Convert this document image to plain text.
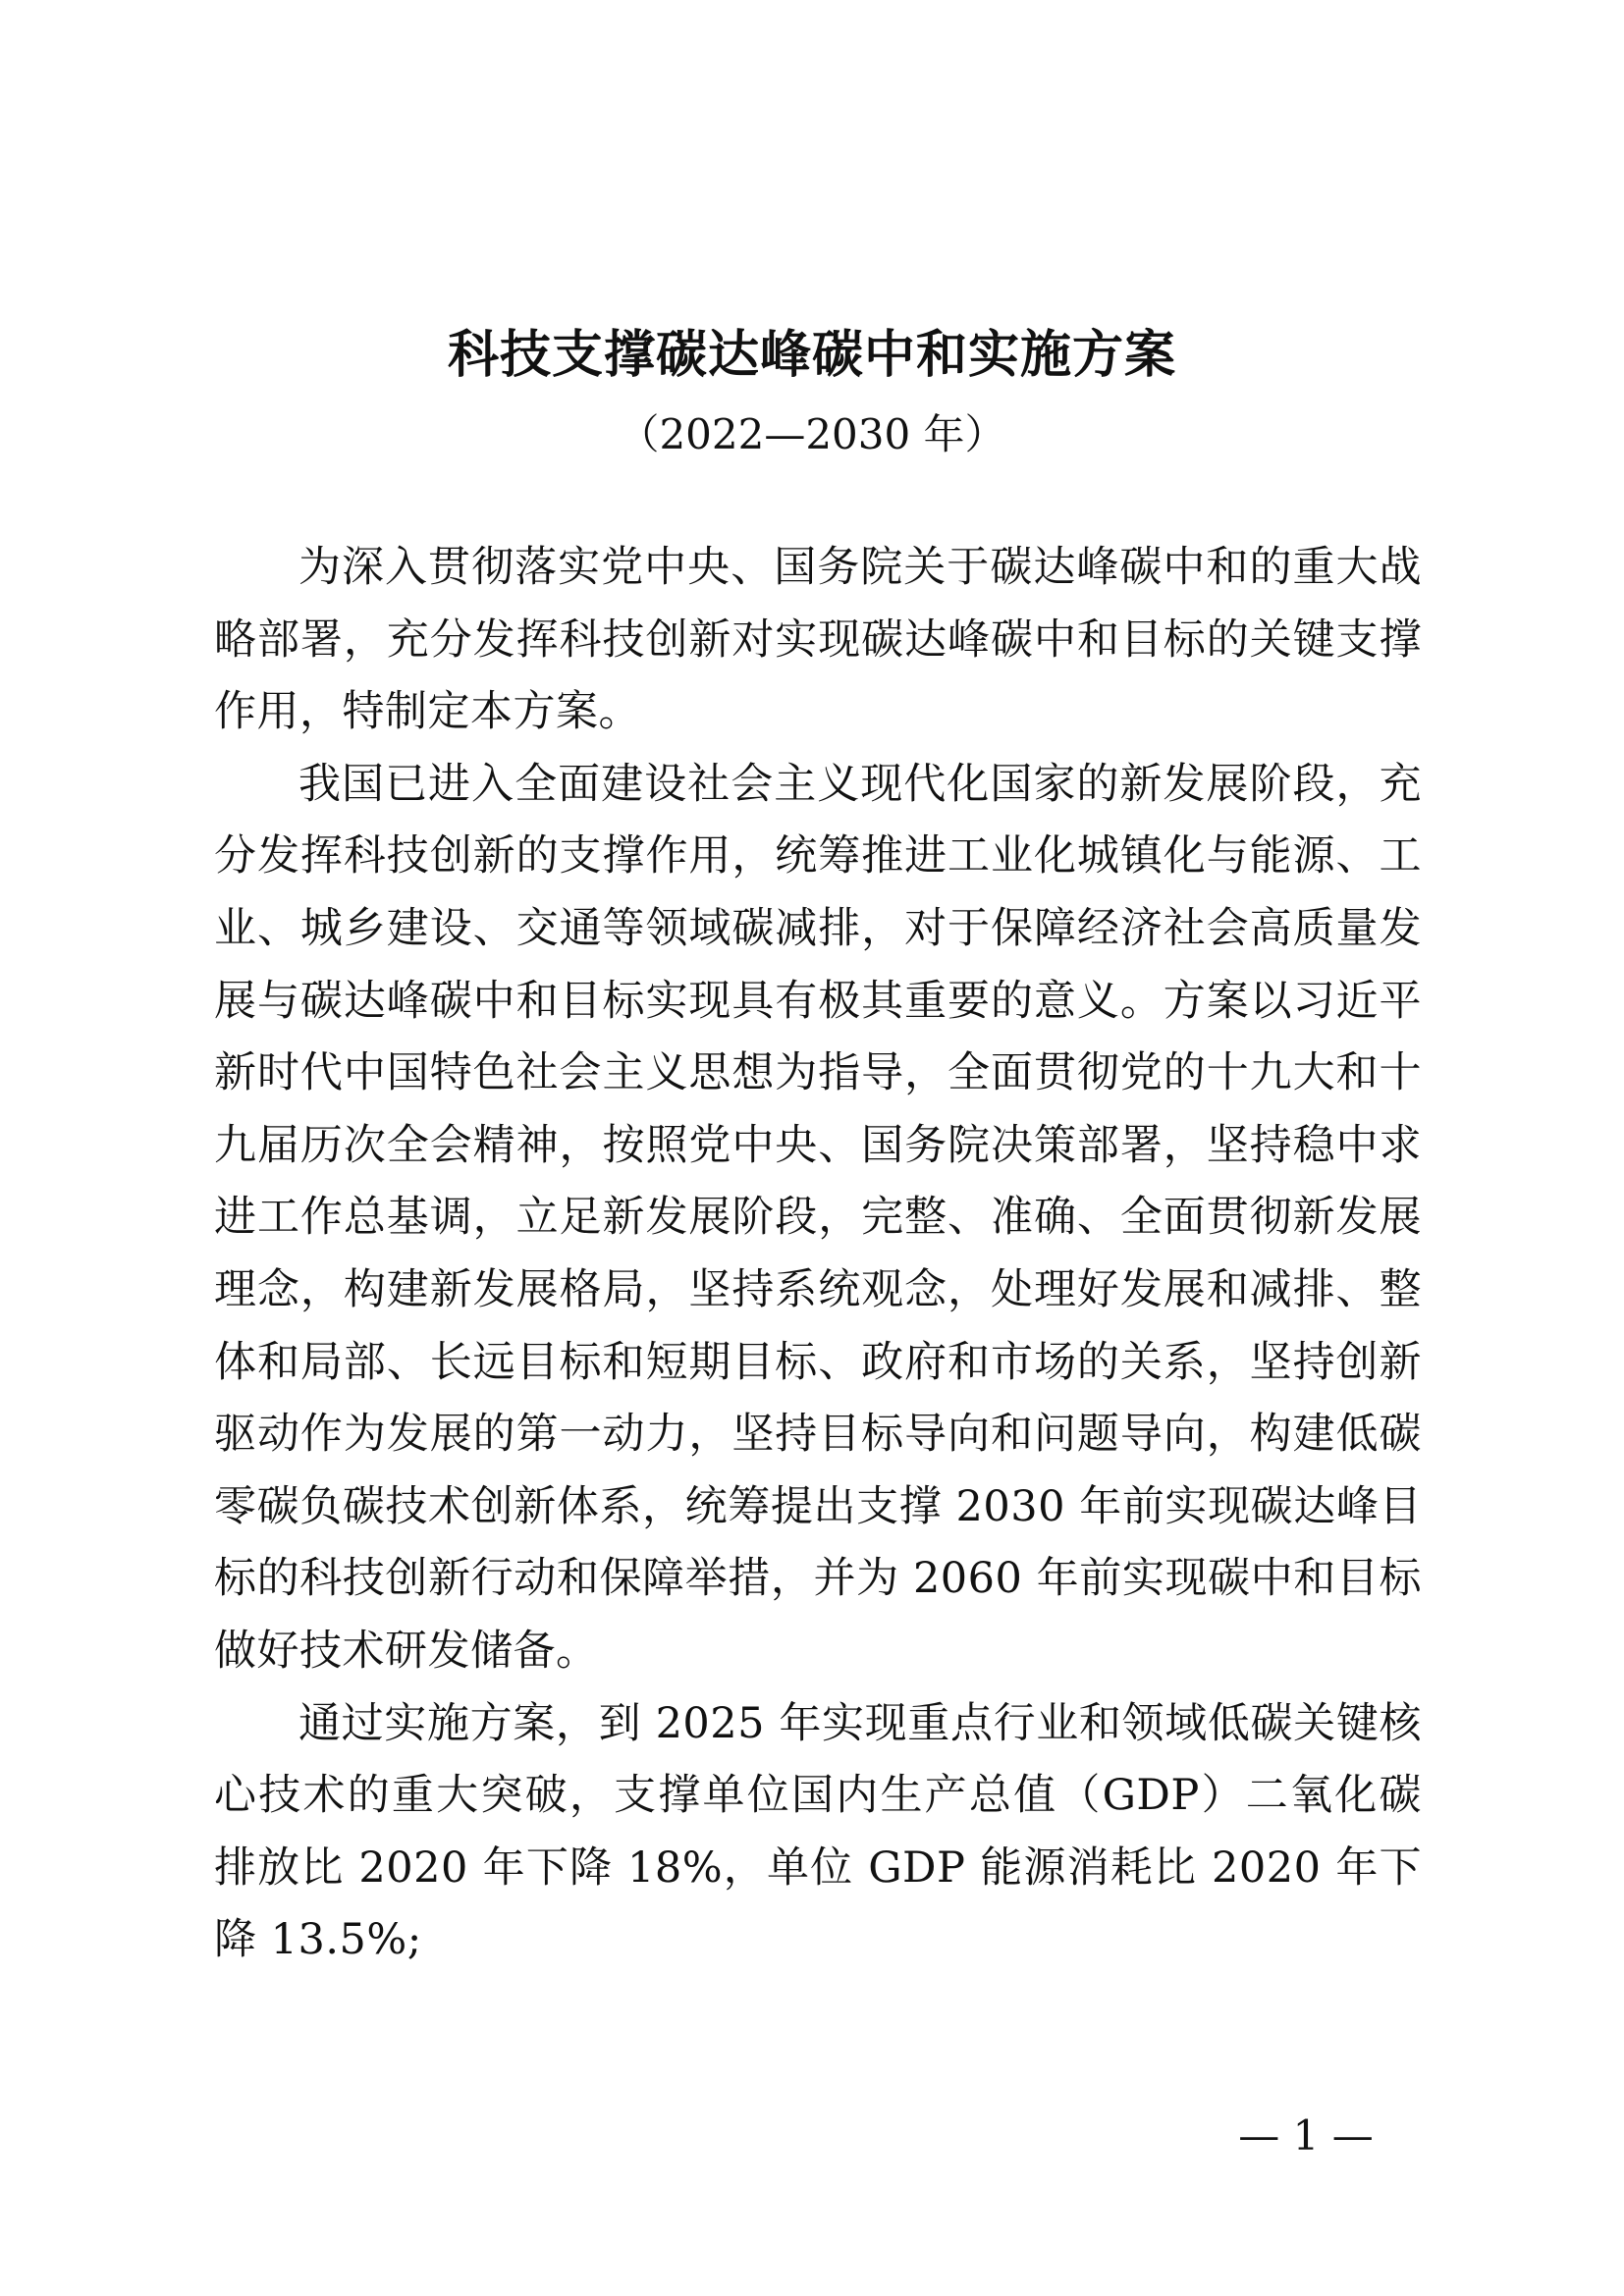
科技支撑碳达峰碳中和实施方案
（2022—2030 年）

为深入贯彻落实党中央、国务院关于碳达峰碳中和的重大战略部署，充分发挥科技创新对实现碳达峰碳中和目标的关键支撑作用，特制定本方案。

我国已进入全面建设社会主义现代化国家的新发展阶段，充分发挥科技创新的支撑作用，统筹推进工业化城镇化与能源、工业、城乡建设、交通等领域碳减排，对于保障经济社会高质量发展与碳达峰碳中和目标实现具有极其重要的意义。方案以习近平新时代中国特色社会主义思想为指导，全面贯彻党的十九大和十九届历次全会精神，按照党中央、国务院决策部署，坚持稳中求进工作总基调，立足新发展阶段，完整、准确、全面贯彻新发展理念，构建新发展格局，坚持系统观念，处理好发展和减排、整体和局部、长远目标和短期目标、政府和市场的关系，坚持创新驱动作为发展的第一动力，坚持目标导向和问题导向，构建低碳零碳负碳技术创新体系，统筹提出支撑 2030 年前实现碳达峰目标的科技创新行动和保障举措，并为 2060 年前实现碳中和目标做好技术研发储备。

通过实施方案，到 2025 年实现重点行业和领域低碳关键核心技术的重大突破，支撑单位国内生产总值（GDP）二氧化碳排放比 2020 年下降 18%，单位 GDP 能源消耗比 2020 年下降 13.5%;

— 1 —
